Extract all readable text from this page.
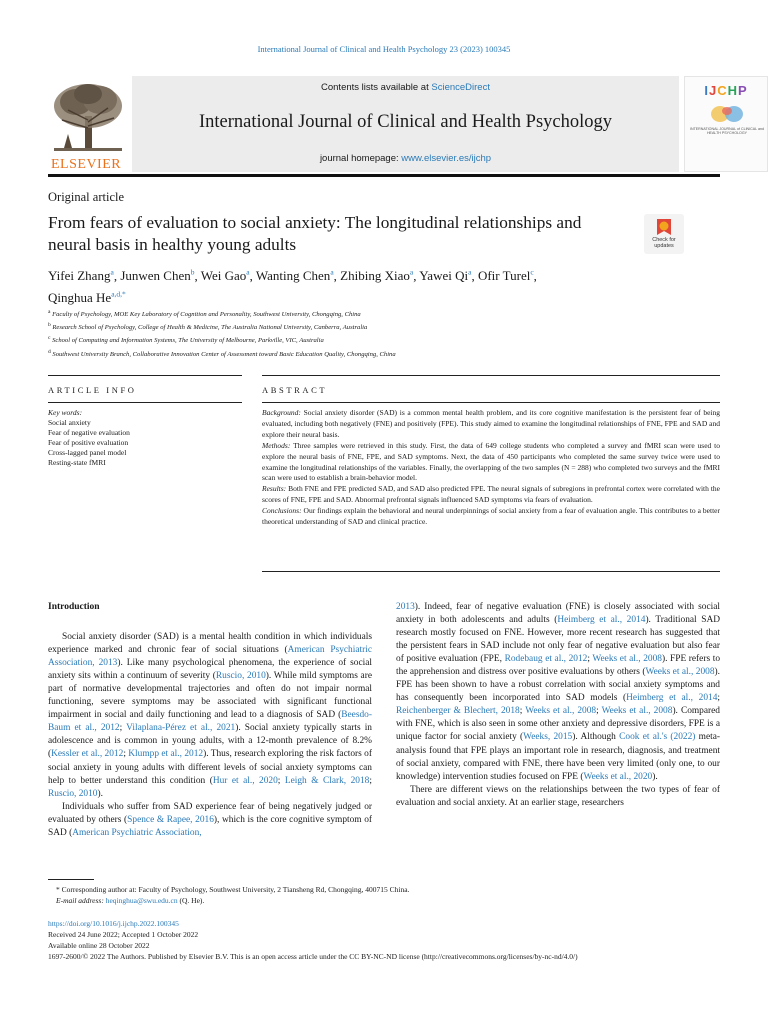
International Journal of Clinical and Health Psychology 23 (2023) 100345
ELSEVIER
Contents lists available at ScienceDirect
International Journal of Clinical and Health Psychology
journal homepage: www.elsevier.es/ijchp
IJCHP
INTERNATIONAL JOURNAL of CLINICAL and HEALTH PSYCHOLOGY
Original article
From fears of evaluation to social anxiety: The longitudinal relationships and neural basis in healthy young adults	Check for updates
Yifei Zhang$^a$, Junwen Chen$^b$, Wei Gao$^a$, Wanting Chen$^a$, Zhibing Xiao$^a$, Yawei Qi$^a$, Ofir Turel$^c$,
Qinghua $He^{a,d,*}$
$^a$ Faculty of Psychology, MOE Key Laboratory of Cognition and Personality, Southwest University, Chongqing, China
$^b$ Research School of Psychology, College of Health & Medicine, The Australia National University, Canberra, Australia
$^c$ School of Computing and Information Systems, The University of Melbourne, Parkville, VIC, Australia
$^d$ Southwest University Branch, Collaborative Innovation Center of Assessment toward Basic Education Quality, Chongqing, China
ARTICLE INFO	ABSTRACT
Key words:
Social anxiety
Fear of negative evaluation
Fear of positive evaluation
Cross-lagged panel model
Resting-state fMRI

Background: Social anxiety disorder (SAD) is a common mental health problem, and its core cognitive manifestation is the persistent fear of being evaluated, including both negatively (FNE) and positively (FPE). This study aimed to examine the longitudinal relationships of FNE, FPE and SAD and explore their neural basis.

Methods: Three samples were retrieved in this study. First, the data of 649 college students who completed a survey and fMRI scan were used to explore the neural basis of FNE, FPE, and SAD symptoms. Next, the data of 450 participants who completed the same survey twice were used to examine the longitudinal relationships of the variables. Finally, the overlapping of the two samples (N = 288) who completed two surveys and the fMRI scan were used to establish a brain-behavior model.

Results: Both FNE and FPE predicted SAD, and SAD also predicted FPE. The neural signals of subregions in prefrontal cortex were correlated with the scores of FNE, FPE and SAD. Abnormal prefrontal signals influenced SAD symptoms via fears of evaluation.

Conclusions: Our findings explain the behavioral and neural underpinnings of social anxiety from a fear of evaluation angle. This contributes to a better theoretical understanding of SAD and clinical practice.

Introduction

Social anxiety disorder (SAD) is a mental health condition in which individuals experience marked and chronic fear of social situations (American Psychiatric Association, 2013). Like many psychological phenomena, the experience of social anxiety sits within a continuum of severity (Ruscio, 2010). While mild symptoms are part of normative developmental trajectories and often do not impair normal functioning, severe symptoms may be associated with significant functional impairment in social and daily functioning and lead to a diagnosis of SAD (Beesdo-Baum et al., 2012; Vilaplana-Pérez et al., 2021). Social anxiety typically starts in adolescence and is common in young adults, with a 12-month prevalence of 8.2% (Kessler et al., 2012; Klumpp et al., 2012). Thus, research exploring the risk factors of social anxiety in young adults with different levels of social anxiety symptoms can help to better understand this condition (Hur et al., 2020; Leigh & Clark, 2018; Ruscio, 2010).

Individuals who suffer from SAD experience fear of being negatively judged or evaluated by others (Spence & Rapee, 2016), which is the core cognitive symptom of SAD (American Psychiatric Association,

2013). Indeed, fear of negative evaluation (FNE) is closely associated with social anxiety in both adolescents and adults (Heimberg et al., 2014). Traditional SAD research mostly focused on FNE. However, more recent research has suggested that the persistent fears in SAD include not only fear of negative evaluation but also fear of positive evaluation (FPE, Rodebaug et al., 2012; Weeks et al., 2008). FPE refers to the apprehension and distress over positive evaluations by others (Weeks et al., 2008). FPE has been shown to have a robust correlation with social anxiety symptoms and has consequently been incorporated into SAD models (Heimberg et al., 2014; Reichenberger & Blechert, 2018; Weeks et al., 2008; Weeks et al., 2008). Compared with FNE, which is also seen in some other anxiety and depressive disorders, FPE is a unique factor for social anxiety (Weeks, 2015). Although Cook et al.'s (2022) meta-analysis found that FPE plays an important role in research, diagnosis, and treatment of social anxiety, compared with FNE, there have been very limited (only one, to our knowledge) intervention studies focused on FPE (Weeks et al., 2020).

There are different views on the relationships between the two types of fear of evaluation and social anxiety. At an earlier stage, researchers

* Corresponding author at: Faculty of Psychology, Southwest University, 2 Tiansheng Rd, Chongqing, 400715 China.
E-mail address: heqinghua@swu.edu.cn (Q. He).

https://doi.org/10.1016/j.ijchp.2022.100345

Received 24 June 2022; Accepted 1 October 2022

Available online 28 October 2022

1697-2600/© 2022 The Authors. Published by Elsevier B.V. This is an open access article under the CC BY-NC-ND license (http://creativecommons.org/licenses/by-nc-nd/4.0/)
